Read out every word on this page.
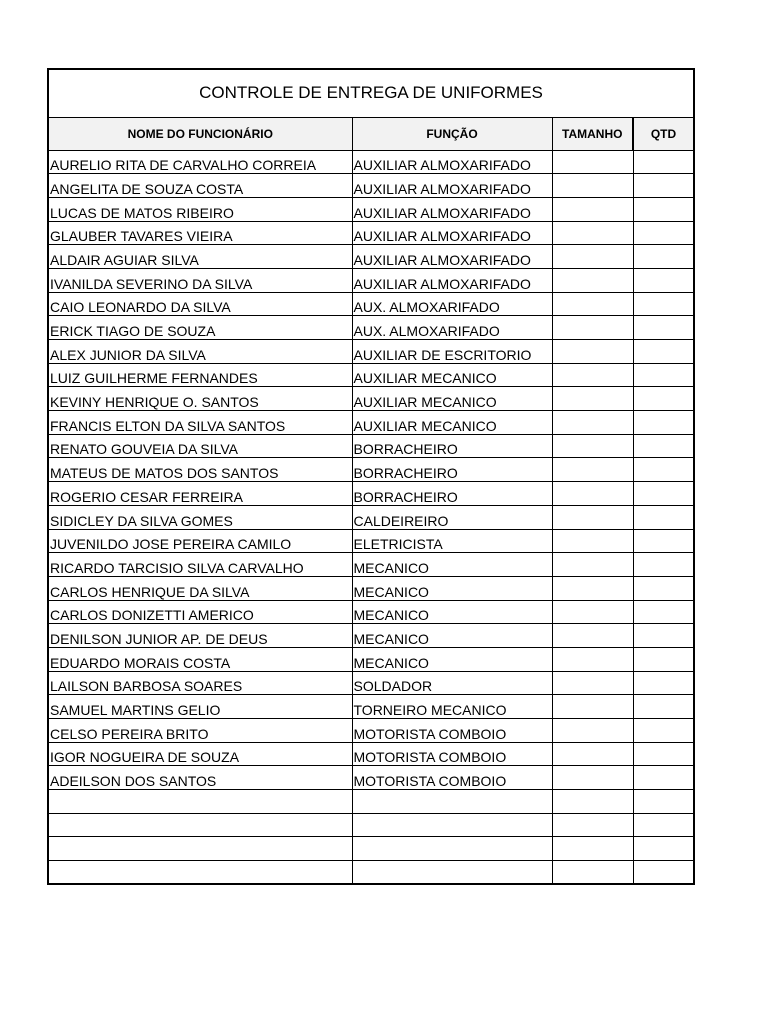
CONTROLE DE ENTREGA DE UNIFORMES
NOME DO FUNCIONÁRIO	FUNÇÃO	TAMANHO	QTD
AURELIO RITA DE CARVALHO CORREIA	AUXILIAR ALMOXARIFADO		
ANGELITA DE SOUZA COSTA	AUXILIAR ALMOXARIFADO		
LUCAS DE MATOS RIBEIRO	AUXILIAR ALMOXARIFADO		
GLAUBER TAVARES VIEIRA	AUXILIAR ALMOXARIFADO		
ALDAIR AGUIAR SILVA	AUXILIAR ALMOXARIFADO		
IVANILDA SEVERINO DA SILVA	AUXILIAR ALMOXARIFADO		
CAIO LEONARDO DA SILVA	AUX. ALMOXARIFADO		
ERICK TIAGO DE SOUZA	AUX. ALMOXARIFADO		
ALEX JUNIOR DA SILVA	AUXILIAR DE ESCRITORIO		
LUIZ GUILHERME FERNANDES	AUXILIAR MECANICO		
KEVINY HENRIQUE O. SANTOS	AUXILIAR MECANICO		
FRANCIS ELTON DA SILVA SANTOS	AUXILIAR MECANICO		
RENATO GOUVEIA DA SILVA	BORRACHEIRO		
MATEUS DE MATOS DOS SANTOS	BORRACHEIRO		
ROGERIO CESAR FERREIRA	BORRACHEIRO		
SIDICLEY DA SILVA GOMES	CALDEIREIRO		
JUVENILDO JOSE PEREIRA CAMILO	ELETRICISTA		
RICARDO TARCISIO SILVA CARVALHO	MECANICO		
CARLOS HENRIQUE DA SILVA	MECANICO		
CARLOS DONIZETTI AMERICO	MECANICO		
DENILSON JUNIOR AP. DE DEUS	MECANICO		
EDUARDO MORAIS COSTA	MECANICO		
LAILSON BARBOSA SOARES	SOLDADOR		
SAMUEL MARTINS GELIO	TORNEIRO MECANICO		
CELSO PEREIRA BRITO	MOTORISTA COMBOIO		
IGOR NOGUEIRA DE SOUZA	MOTORISTA COMBOIO		
ADEILSON DOS SANTOS	MOTORISTA COMBOIO		
